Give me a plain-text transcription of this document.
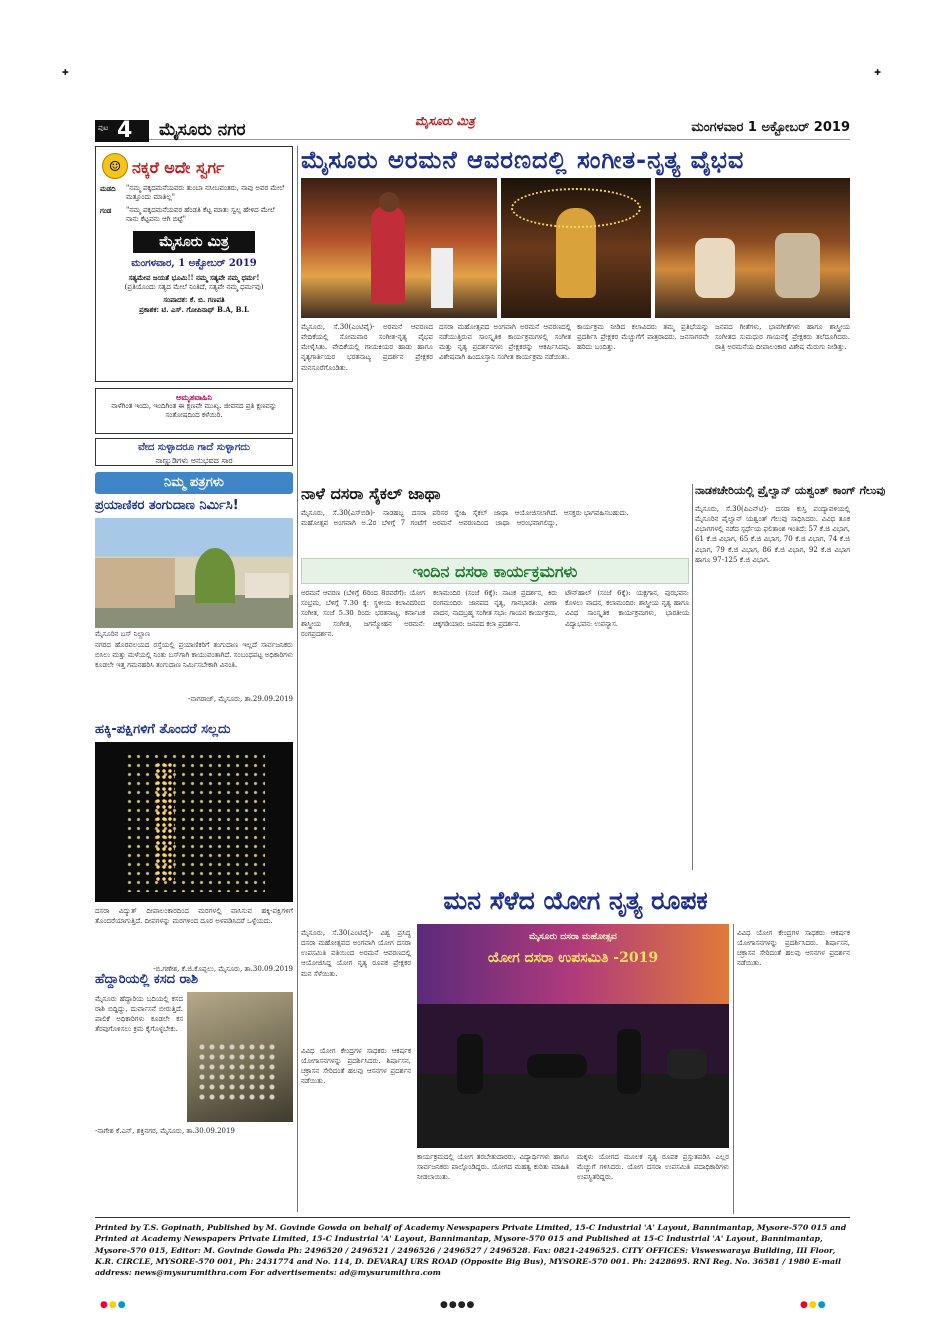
✚	✚
●●●	●●●●	●●●
ಪುಟ 4 ಮೈಸೂರು ನಗರ	ಮೈಸೂರು ಮಿತ್ರ	ಮಂಗಳವಾರ 1 ಅಕ್ಟೋಬರ್ 2019
☺ ನಕ್ಕರೆ ಅದೇ ಸ್ವರ್ಗ
ಮಡದಿ	"ನಮ್ಮ ಪಕ್ಕದಮನೆಯವರು ತುಂಬಾ ನಸೀಬವಂತರು, ನಾವು ಅವರ ಮೇಲೆ ಮತ್ತೂಂದು ಮಾತಿಲ್ಲ"
ಗಂಡ	"ನಮ್ಮ ಪಕ್ಕದಮನೆಯವರ ಹೆಂಡತಿ ಕೆಟ್ಟ ಮಾತು ಸ್ವಲ್ಪ ಹೇಳಿದ ಮೇಲೆ ನಾನು ಕೆಟ್ಟವನು ಆಗಿ ಬಿಟ್ಟೆ"
ಮೈಸೂರು ಮಿತ್ರ
ಮಂಗಳವಾರ, 1 ಅಕ್ಟೋಬರ್ 2019
ಸತ್ಯಮೇವ ಜಯತೆ ಭೂಮಿ!! ನಮ್ಮ ಸತ್ಯವೇ ನಮ್ಮ ಧರ್ಮ!
(ಪ್ರತಿಯೊಂದು ಸತ್ಯದ ಮೇಲೆ ನಿಂತಿದೆ, ಸತ್ಯವೇ ನಮ್ಮ ಧರ್ಮವು)
ಸಂಪಾದಕ: ಕೆ. ಬಿ. ಗಣಪತಿ
ಪ್ರಕಾಶಕ: ಟಿ. ಎಸ್. ಗೋಪಿನಾಥ್ B.A, B.L
ಅಮೃತವಾಹಿನಿ
ನಾಳೆಗಿಂತ ಇಂದು, ಇಂದಿಗಿಂತ ಈ ಕ್ಷಣವೇ ಮುಖ್ಯ. ಜೀವನದ ಪ್ರತಿ ಕ್ಷಣವನ್ನು ಸಂತೋಷದಿಂದ ಕಳೆಯಿರಿ.
ವೇದ ಸುಳ್ಳಾದರೂ ಗಾದೆ ಸುಳ್ಳಾಗದು
ನಾಣ್ಣುಡಿಗಳು ಅನುಭವದ ಸಾರ
ನಿಮ್ಮ ಪತ್ರಗಳು
ಪ್ರಯಾಣಿಕರ ತಂಗುದಾಣ ನಿರ್ಮಿಸಿ!
ಮೈಸೂರಿನ ಬಸ್ ನಿಲ್ದಾಣ
ನಗರದ ಹೊರವಲಯದ ರಸ್ತೆಯಲ್ಲಿ ಪ್ರಯಾಣಿಕರಿಗೆ ತಂಗುದಾಣ ಇಲ್ಲದೆ ಸಾರ್ವಜನಿಕರು ಬಿಸಿಲು ಮತ್ತು ಮಳೆಯಲ್ಲಿ ನಿಂತು ಬಸ್‌ಗಾಗಿ ಕಾಯುವಂತಾಗಿದೆ. ಸಂಬಂಧಪಟ್ಟ ಅಧಿಕಾರಿಗಳು ಕೂಡಲೇ ಇತ್ತ ಗಮನಹರಿಸಿ ತಂಗುದಾಣ ನಿರ್ಮಿಸಬೇಕಾಗಿ ವಿನಂತಿ.
-ನಾಗರಾಜ್, ಮೈಸೂರು, ತಾ.29.09.2019
ಹಕ್ಕಿ-ಪಕ್ಷಿಗಳಿಗೆ ತೊಂದರೆ ಸಲ್ಲದು
ದಸರಾ ವಿದ್ಯುತ್ ದೀಪಾಲಂಕಾರದಿಂದ ಮರಗಳಲ್ಲಿ ವಾಸಿಸುವ ಹಕ್ಕಿ-ಪಕ್ಷಿಗಳಿಗೆ ತೊಂದರೆಯಾಗುತ್ತಿದೆ. ದೀಪಗಳನ್ನು ಮರಗಳಿಂದ ದೂರ ಅಳವಡಿಸಿದರೆ ಒಳ್ಳೆಯದು.
-ಬಿ.ಗಣೇಶ, ಕೆ.ಜಿ.ಕೊಪ್ಪಲು, ಮೈಸೂರು, ತಾ.30.09.2019
ಹೆದ್ದಾರಿಯಲ್ಲಿ ಕಸದ ರಾಶಿ
ಮೈಸೂರು ಹೆದ್ದಾರಿಯ ಬದಿಯಲ್ಲಿ ಕಸದ ರಾಶಿ ಬಿದ್ದಿದ್ದು, ದುರ್ವಾಸನೆ ಬೀರುತ್ತಿದೆ. ಪಾಲಿಕೆ ಅಧಿಕಾರಿಗಳು ಕೂಡಲೇ ಕಸ ತೆರವುಗೊಳಿಸಲು ಕ್ರಮ ಕೈಗೊಳ್ಳಬೇಕು.
-ನಾಗೇಶ ಕೆ.ಎನ್, ಶಕ್ತಿನಗರ, ಮೈಸೂರು, ತಾ.30.09.2019
ಮೈಸೂರು ಅರಮನೆ ಆವರಣದಲ್ಲಿ ಸಂಗೀತ-ನೃತ್ಯ ವೈಭವ
ಮೈಸೂರು, ಸೆ.30(ಎಂಟಿವೈ)- ಅರಮನೆ ಆವರಣದ ವೇದಿಕೆಯಲ್ಲಿ ಸೋಮವಾರ ಸಂಗೀತ-ನೃತ್ಯ ವೈಭವ ಮೇಳೈಸಿತು. ವೇದಿಕೆಯಲ್ಲಿ ಗಾಯಕಿಯರ ಹಾಡು ಹಾಗೂ ನೃತ್ಯಗಾರ್ತಿಯರ ಭರತನಾಟ್ಯ ಪ್ರದರ್ಶನ ಪ್ರೇಕ್ಷಕರ ಮನಸೂರೆಗೊಂಡಿತು.
ದಸರಾ ಮಹೋತ್ಸವದ ಅಂಗವಾಗಿ ಅರಮನೆ ಆವರಣದಲ್ಲಿ ನಡೆಯುತ್ತಿರುವ ಸಾಂಸ್ಕೃತಿಕ ಕಾರ್ಯಕ್ರಮಗಳಲ್ಲಿ ಸಂಗೀತ ಮತ್ತು ನೃತ್ಯ ಪ್ರದರ್ಶನಗಳು ಪ್ರೇಕ್ಷಕರನ್ನು ಆಕರ್ಷಿಸಿದವು. ವಿಶೇಷವಾಗಿ ಹಿಂದೂಸ್ತಾನಿ ಸಂಗೀತ ಕಾರ್ಯಕ್ರಮ ನಡೆಯಿತು.
ಕಾರ್ಯಕ್ರಮ ನೀಡಿದ ಕಲಾವಿದರು ತಮ್ಮ ಪ್ರತಿಭೆಯನ್ನು ಪ್ರದರ್ಶಿಸಿ ಪ್ರೇಕ್ಷಕರ ಮೆಚ್ಚುಗೆಗೆ ಪಾತ್ರರಾದರು. ಜನಸಾಗರವೇ ಹರಿದು ಬಂದಿತ್ತು.
ಜನಪದ ಗೀತೆಗಳು, ಭಾವಗೀತೆಗಳು ಹಾಗೂ ಶಾಸ್ತ್ರೀಯ ಸಂಗೀತದ ಸುಮಧುರ ಗಾಯನಕ್ಕೆ ಪ್ರೇಕ್ಷಕರು ತಲೆದೂಗಿದರು. ರಾತ್ರಿ ಅರಮನೆಯ ದೀಪಾಲಂಕಾರ ವಿಶೇಷ ಮೆರುಗು ನೀಡಿತ್ತು.
ನಾಳೆ ದಸರಾ ಸೈಕಲ್ ಜಾಥಾ
ಮೈಸೂರು, ಸೆ.30(ಎಸ್‌ಬಿಡಿ)- ನಾಡಹಬ್ಬ ದಸರಾ ಮಹೋತ್ಸವ ಅಂಗವಾಗಿ ಅ.2ರ ಬೆಳಿಗ್ಗೆ 7 ಗಂಟೆಗೆ ಪರಿಸರ ಸ್ನೇಹಿ ಸೈಕಲ್ ಜಾಥಾ ಆಯೋಜಿಸಲಾಗಿದೆ. ಅರಮನೆ ಆವರಣದಿಂದ ಜಾಥಾ ಆರಂಭವಾಗಲಿದ್ದು, ಆಸಕ್ತರು ಭಾಗವಹಿಸಬಹುದು.
ನಾಡಕಚೇರಿಯಲ್ಲಿ ಪ್ರೈಲ್ವಾನ್ ಯಶ್ವಂತ್ ಕಾಂಗ್ ಗೆಲುವು
ಮೈಸೂರು, ಸೆ.30(ಪಿಎನ್‌ಟಿ)- ದಸರಾ ಕುಸ್ತಿ ಪಂದ್ಯಾವಳಿಯಲ್ಲಿ ಮೈಸೂರಿನ ಪೈಲ್ವಾನ್ ಯಶ್ವಂತ್ ಗೆಲುವು ಸಾಧಿಸಿದರು. ವಿವಿಧ ತೂಕ ವಿಭಾಗಗಳಲ್ಲಿ ನಡೆದ ಸ್ಪರ್ಧೆಯ ಫಲಿತಾಂಶ ಇಂತಿದೆ: 57 ಕೆ.ಜಿ ವಿಭಾಗ, 61 ಕೆ.ಜಿ ವಿಭಾಗ, 65 ಕೆ.ಜಿ ವಿಭಾಗ, 70 ಕೆ.ಜಿ ವಿಭಾಗ, 74 ಕೆ.ಜಿ ವಿಭಾಗ, 79 ಕೆ.ಜಿ ವಿಭಾಗ, 86 ಕೆ.ಜಿ ವಿಭಾಗ, 92 ಕೆ.ಜಿ ವಿಭಾಗ ಹಾಗೂ 97-125 ಕೆ.ಜಿ ವಿಭಾಗ.
ಇಂದಿನ ದಸರಾ ಕಾರ್ಯಕ್ರಮಗಳು
ಅರಮನೆ ಆವರಣ (ಬೆಳಿಗ್ಗೆ 6ರಿಂದ 8ರವರೆಗೆ): ಯೋಗ ಸಂಭ್ರಮ, ಬೆಳಿಗ್ಗೆ 7.30 ಕ್ಕೆ: ಸ್ಥಳೀಯ ಕಲಾವಿದರಿಂದ ಸಂಗೀತ, ಸಂಜೆ 5.30 ರಿಂದ: ಭರತನಾಟ್ಯ, ಕರ್ನಾಟಕ ಶಾಸ್ತ್ರೀಯ ಸಂಗೀತ, ಜಗನ್ಮೋಹನ ಅರಮನೆ: ರಂಗಪ್ರದರ್ಶನ.
ಕಲಾಮಂದಿರ (ಸಂಜೆ 6ಕ್ಕೆ): ನಾಟಕ ಪ್ರದರ್ಶನ, ಕಿರು ರಂಗಮಂದಿರ: ಜಾನಪದ ನೃತ್ಯ, ಗಾನಭಾರತಿ: ವೀಣಾ ವಾದನ, ನಾದಬ್ರಹ್ಮ ಸಂಗೀತ ಸಭಾ: ಗಾಯನ ಕಾರ್ಯಕ್ರಮ, ಚಿಕ್ಕಗಡಿಯಾರ: ಜನಪದ ಕಲಾ ಪ್ರದರ್ಶನ.
ಟೌನ್‌ಹಾಲ್ (ಸಂಜೆ 6ಕ್ಕೆ): ಯಕ್ಷಗಾನ, ಪುರಭವನ: ಕೊಳಲು ವಾದನ, ಕಲಾಮಂದಿರ: ಶಾಸ್ತ್ರೀಯ ನೃತ್ಯ ಹಾಗೂ ವಿವಿಧ ಸಾಂಸ್ಕೃತಿಕ ಕಾರ್ಯಕ್ರಮಗಳು, ಭಾರತೀಯ ವಿದ್ಯಾಭವನ: ಉಪನ್ಯಾಸ.
ಮನ ಸೆಳೆದ ಯೋಗ ನೃತ್ಯ ರೂಪಕ
ಮೈಸೂರು, ಸೆ.30(ಎಂಟಿವೈ)- ವಿಶ್ವ ಪ್ರಸಿದ್ಧ ದಸರಾ ಮಹೋತ್ಸವದ ಅಂಗವಾಗಿ ಯೋಗ ದಸರಾ ಉಪಸಮಿತಿ ವತಿಯಿಂದ ಅರಮನೆ ಆವರಣದಲ್ಲಿ ಆಯೋಜಿಸಿದ್ದ ಯೋಗ ನೃತ್ಯ ರೂಪಕ ಪ್ರೇಕ್ಷಕರ ಮನ ಸೆಳೆಯಿತು.
ವಿವಿಧ ಯೋಗ ಕೇಂದ್ರಗಳ ಸಾಧಕರು ಆಕರ್ಷಕ ಯೋಗಾಸನಗಳನ್ನು ಪ್ರದರ್ಶಿಸಿದರು. ಶಿರ್ಷಾಸನ, ಚಕ್ರಾಸನ ಸೇರಿದಂತೆ ಹಲವು ಆಸನಗಳ ಪ್ರದರ್ಶನ ನಡೆಯಿತು.
ಮೈಸೂರು ದಸರಾ ಮಹೋತ್ಸವ
ಯೋಗ ದಸರಾ ಉಪಸಮಿತಿ -2019
ಕಾರ್ಯಕ್ರಮದಲ್ಲಿ ಯೋಗ ತರಬೇತುದಾರರು, ವಿದ್ಯಾರ್ಥಿಗಳು ಹಾಗೂ ಸಾರ್ವಜನಿಕರು ಪಾಲ್ಗೊಂಡಿದ್ದರು. ಯೋಗದ ಮಹತ್ವ ಕುರಿತು ಮಾಹಿತಿ ನೀಡಲಾಯಿತು.
ಮಕ್ಕಳು ಯೋಗದ ಮೂಲಕ ನೃತ್ಯ ರೂಪಕ ಪ್ರಸ್ತುತಪಡಿಸಿ ಎಲ್ಲರ ಮೆಚ್ಚುಗೆ ಗಳಿಸಿದರು. ಯೋಗ ದಸರಾ ಉಪಸಮಿತಿ ಪದಾಧಿಕಾರಿಗಳು ಉಪಸ್ಥಿತರಿದ್ದರು.
ವಿವಿಧ ಯೋಗ ಕೇಂದ್ರಗಳ ಸಾಧಕರು ಆಕರ್ಷಕ ಯೋಗಾಸನಗಳನ್ನು ಪ್ರದರ್ಶಿಸಿದರು. ಶಿರ್ಷಾಸನ, ಚಕ್ರಾಸನ ಸೇರಿದಂತೆ ಹಲವು ಆಸನಗಳ ಪ್ರದರ್ಶನ ನಡೆಯಿತು.
Printed by T.S. Gopinath, Published by M. Govinde Gowda on behalf of Academy Newspapers Private Limited, 15-C Industrial 'A' Layout, Bannimantap, Mysore-570 015 and Printed at Academy Newspapers Private Limited, 15-C Industrial 'A' Layout, Bannimantap, Mysore-570 015 and Published at 15-C Industrial 'A' Layout, Bannimantap, Mysore-570 015, Editor: M. Govinde Gowda Ph: 2496520 / 2496521 / 2496526 / 2496527 / 2496528. Fax: 0821-2496525. CITY OFFICES: Visweswaraya Building, III Floor, K.R. CIRCLE, MYSORE-570 001, Ph: 2431774 and No. 114, D. DEVARAJ URS ROAD (Opposite Big Bus), MYSORE-570 001. Ph: 2428695. RNI Reg. No. 36581 / 1980 E-mail address: news@mysurumithra.com For advertisements: ad@mysurumithra.com
